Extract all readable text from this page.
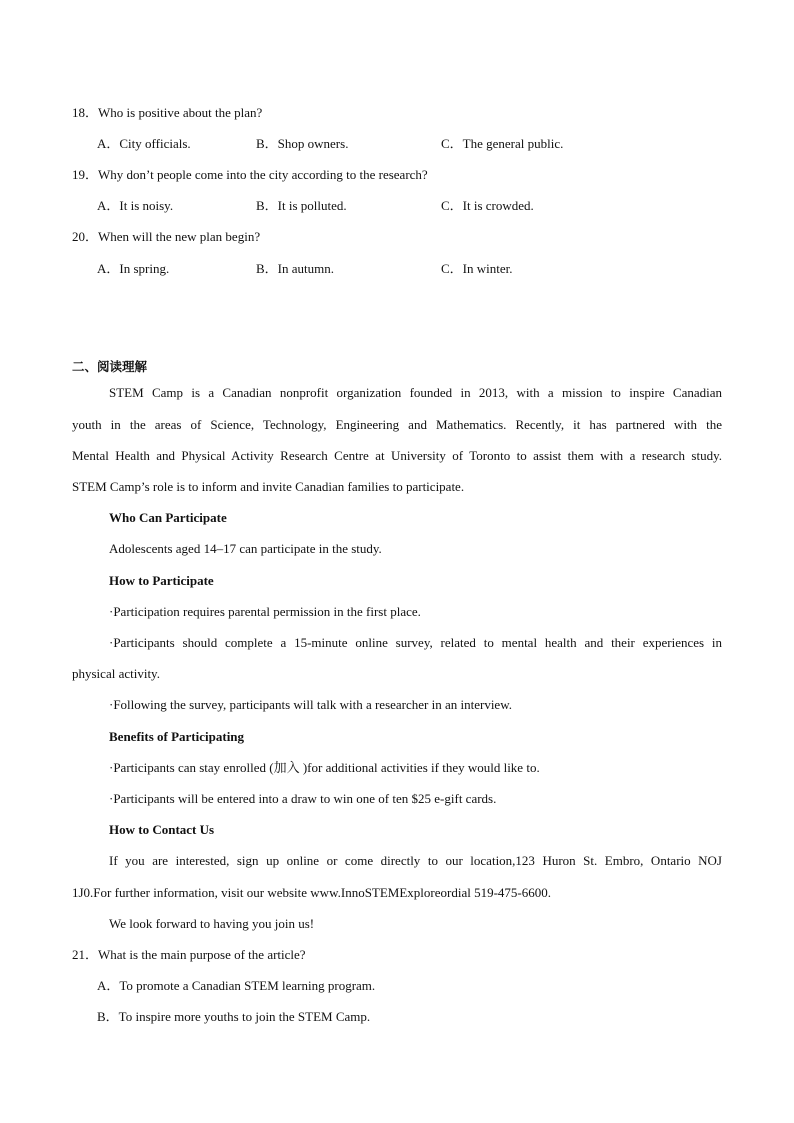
18．Who is positive about the plan?
A．City officials.	B．Shop owners.	C．The general public.
19．Why don’t people come into the city according to the research?
A．It is noisy.	B．It is polluted.	C．It is crowded.
20．When will the new plan begin?
A．In spring.	B．In autumn.	C．In winter.
二、阅读理解
STEM Camp is a Canadian nonprofit organization founded in 2013, with a mission to inspire Canadian
youth in the areas of Science, Technology, Engineering and Mathematics. Recently, it has partnered with the
Mental Health and Physical Activity Research Centre at University of Toronto to assist them with a research study.
STEM Camp’s role is to inform and invite Canadian families to participate.
Who Can Participate
Adolescents aged 14–17 can participate in the study.
How to Participate
·Participation requires parental permission in the first place.
·Participants should complete a 15-minute online survey, related to mental health and their experiences in
physical activity.
·Following the survey, participants will talk with a researcher in an interview.
Benefits of Participating
·Participants can stay enrolled (加入 )for additional activities if they would like to.
·Participants will be entered into a draw to win one of ten $25 e-gift cards.
How to Contact Us
If you are interested, sign up online or come directly to our location,123 Huron St. Embro, Ontario NOJ
1J0.For further information, visit our website www.InnoSTEMExploreordial 519-475-6600.
We look forward to having you join us!
21．What is the main purpose of the article?
A．To promote a Canadian STEM learning program.
B．To inspire more youths to join the STEM Camp.
